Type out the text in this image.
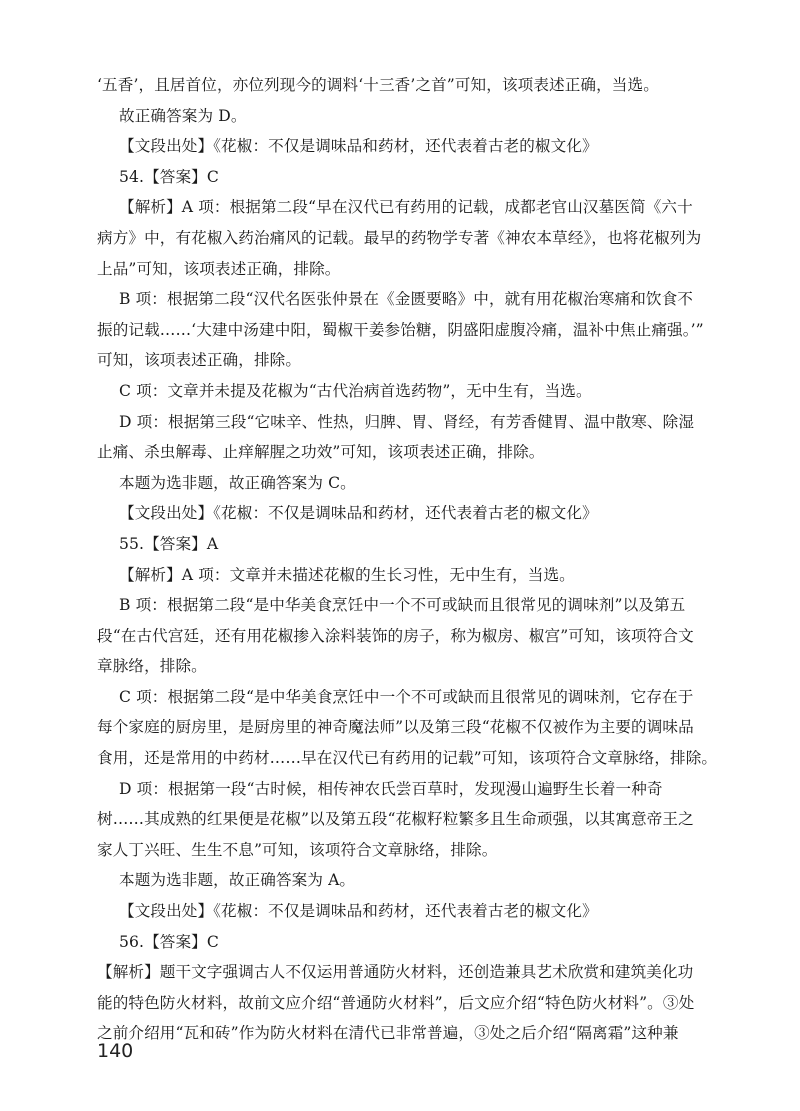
‘五香’，且居首位，亦位列现今的调料‘十三香’之首”可知，该项表述正确，当选。
故正确答案为 D。
【文段出处】《花椒：不仅是调味品和药材，还代表着古老的椒文化》
54.【答案】C
【解析】A 项：根据第二段“早在汉代已有药用的记载，成都老官山汉墓医简《六十
病方》中，有花椒入药治痛风的记载。最早的药物学专著《神农本草经》，也将花椒列为
上品”可知，该项表述正确，排除。
B 项：根据第二段“汉代名医张仲景在《金匮要略》中，就有用花椒治寒痛和饮食不
振的记载……‘大建中汤建中阳，蜀椒干姜参饴糖，阴盛阳虚腹冷痛，温补中焦止痛强。’”
可知，该项表述正确，排除。
C 项：文章并未提及花椒为“古代治病首选药物”，无中生有，当选。
D 项：根据第三段“它味辛、性热，归脾、胃、肾经，有芳香健胃、温中散寒、除湿
止痛、杀虫解毒、止痒解腥之功效”可知，该项表述正确，排除。
本题为选非题，故正确答案为 C。
【文段出处】《花椒：不仅是调味品和药材，还代表着古老的椒文化》
55.【答案】A
【解析】A 项：文章并未描述花椒的生长习性，无中生有，当选。
B 项：根据第二段“是中华美食烹饪中一个不可或缺而且很常见的调味剂”以及第五
段“在古代宫廷，还有用花椒掺入涂料装饰的房子，称为椒房、椒宫”可知，该项符合文
章脉络，排除。
C 项：根据第二段“是中华美食烹饪中一个不可或缺而且很常见的调味剂，它存在于
每个家庭的厨房里，是厨房里的神奇魔法师”以及第三段“花椒不仅被作为主要的调味品
食用，还是常用的中药材……早在汉代已有药用的记载”可知，该项符合文章脉络，排除。
D 项：根据第一段“古时候，相传神农氏尝百草时，发现漫山遍野生长着一种奇
树……其成熟的红果便是花椒”以及第五段“花椒籽粒繁多且生命顽强，以其寓意帝王之
家人丁兴旺、生生不息”可知，该项符合文章脉络，排除。
本题为选非题，故正确答案为 A。
【文段出处】《花椒：不仅是调味品和药材，还代表着古老的椒文化》
56.【答案】C
【解析】题干文字强调古人不仅运用普通防火材料，还创造兼具艺术欣赏和建筑美化功
能的特色防火材料，故前文应介绍“普通防火材料”，后文应介绍“特色防火材料”。③处
之前介绍用“瓦和砖”作为防火材料在清代已非常普遍，③处之后介绍“隔离霜”这种兼
140
